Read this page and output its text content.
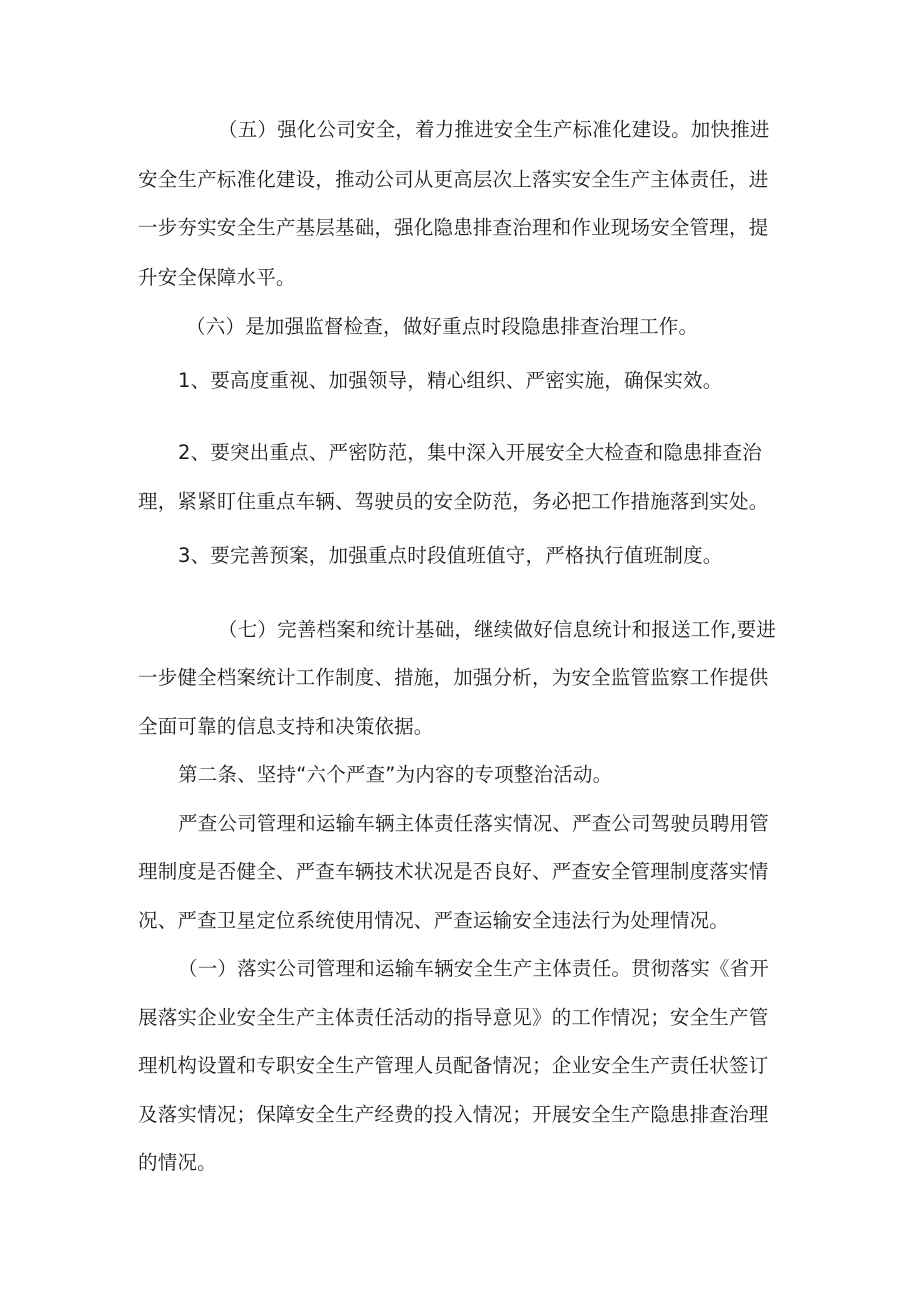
（五）强化公司安全，着力推进安全生产标准化建设。加快推进

安全生产标准化建设，推动公司从更高层次上落实安全生产主体责任，进

一步夯实安全生产基层基础，强化隐患排查治理和作业现场安全管理，提

升安全保障水平。

（六）是加强监督检查，做好重点时段隐患排查治理工作。

1、要高度重视、加强领导，精心组织、严密实施，确保实效。

2、要突出重点、严密防范，集中深入开展安全大检查和隐患排查治

理，紧紧盯住重点车辆、驾驶员的安全防范，务必把工作措施落到实处。

3、要完善预案，加强重点时段值班值守，严格执行值班制度。

（七）完善档案和统计基础，继续做好信息统计和报送工作,要进

一步健全档案统计工作制度、措施，加强分析，为安全监管监察工作提供

全面可靠的信息支持和决策依据。

第二条、坚持“六个严查”为内容的专项整治活动。

严查公司管理和运输车辆主体责任落实情况、严查公司驾驶员聘用管

理制度是否健全、严查车辆技术状况是否良好、严查安全管理制度落实情

况、严查卫星定位系统使用情况、严查运输安全违法行为处理情况。

（一）落实公司管理和运输车辆安全生产主体责任。贯彻落实《省开

展落实企业安全生产主体责任活动的指导意见》的工作情况；安全生产管

理机构设置和专职安全生产管理人员配备情况；企业安全生产责任状签订

及落实情况；保障安全生产经费的投入情况；开展安全生产隐患排查治理

的情况。
